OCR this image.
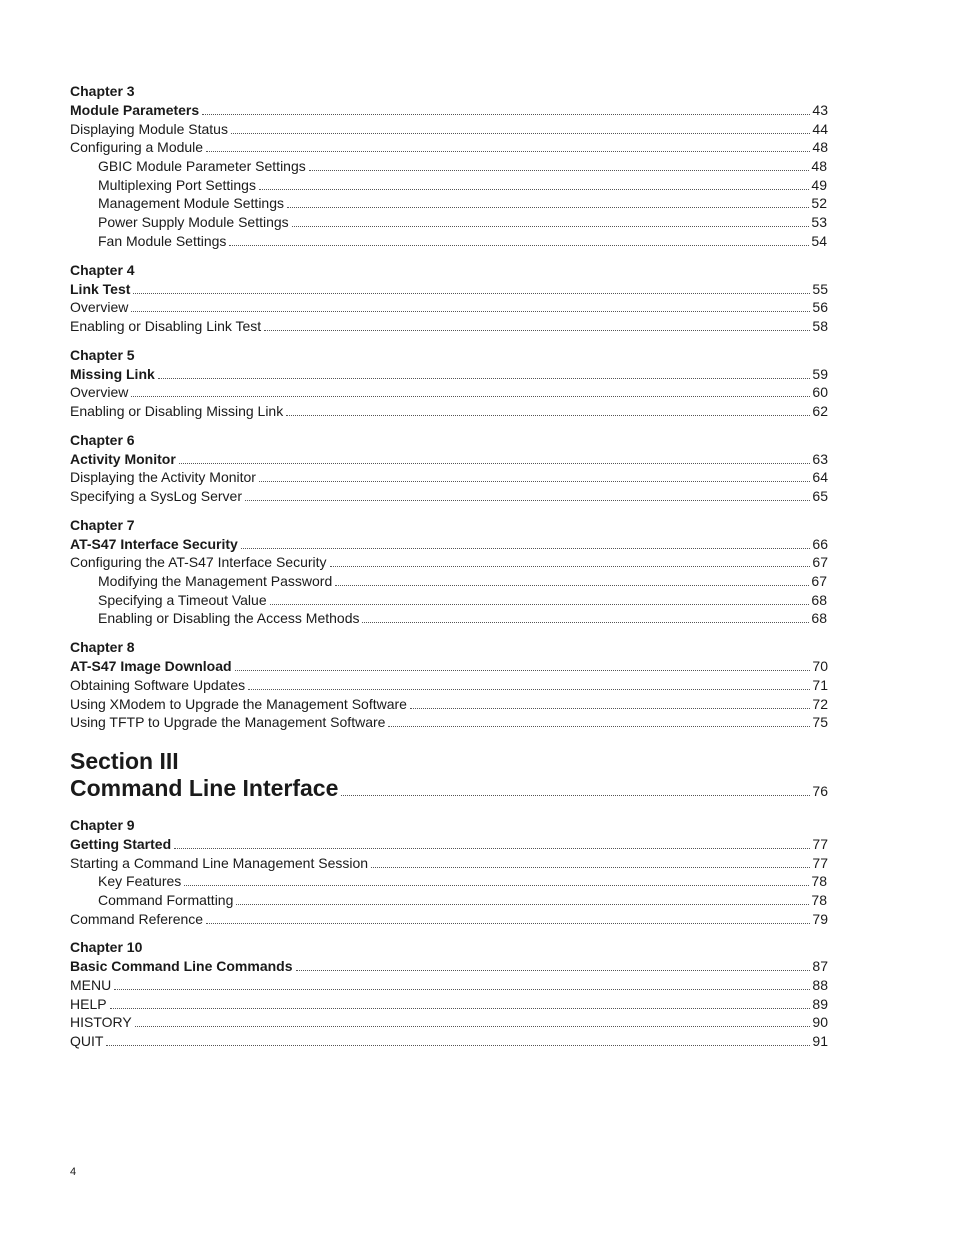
Chapter 3
Module Parameters	43
Displaying Module Status	44
Configuring a Module	48
GBIC Module Parameter Settings	48
Multiplexing Port Settings	49
Management Module Settings	52
Power Supply Module Settings	53
Fan Module Settings	54
Chapter 4
Link Test	55
Overview	56
Enabling or Disabling Link Test	58
Chapter 5
Missing Link	59
Overview	60
Enabling or Disabling Missing Link	62
Chapter 6
Activity Monitor	63
Displaying the Activity Monitor	64
Specifying a SysLog Server	65
Chapter 7
AT-S47 Interface Security	66
Configuring the AT-S47 Interface Security	67
Modifying the Management Password	67
Specifying a Timeout Value	68
Enabling or Disabling the Access Methods	68
Chapter 8
AT-S47 Image Download	70
Obtaining Software Updates	71
Using XModem to Upgrade the Management Software	72
Using TFTP to Upgrade the Management Software	75
Section III
Command Line Interface	76
Chapter 9
Getting Started	77
Starting a Command Line Management Session	77
Key Features	78
Command Formatting	78
Command Reference	79
Chapter 10
Basic Command Line Commands	87
MENU	88
HELP	89
HISTORY	90
QUIT	91
4
